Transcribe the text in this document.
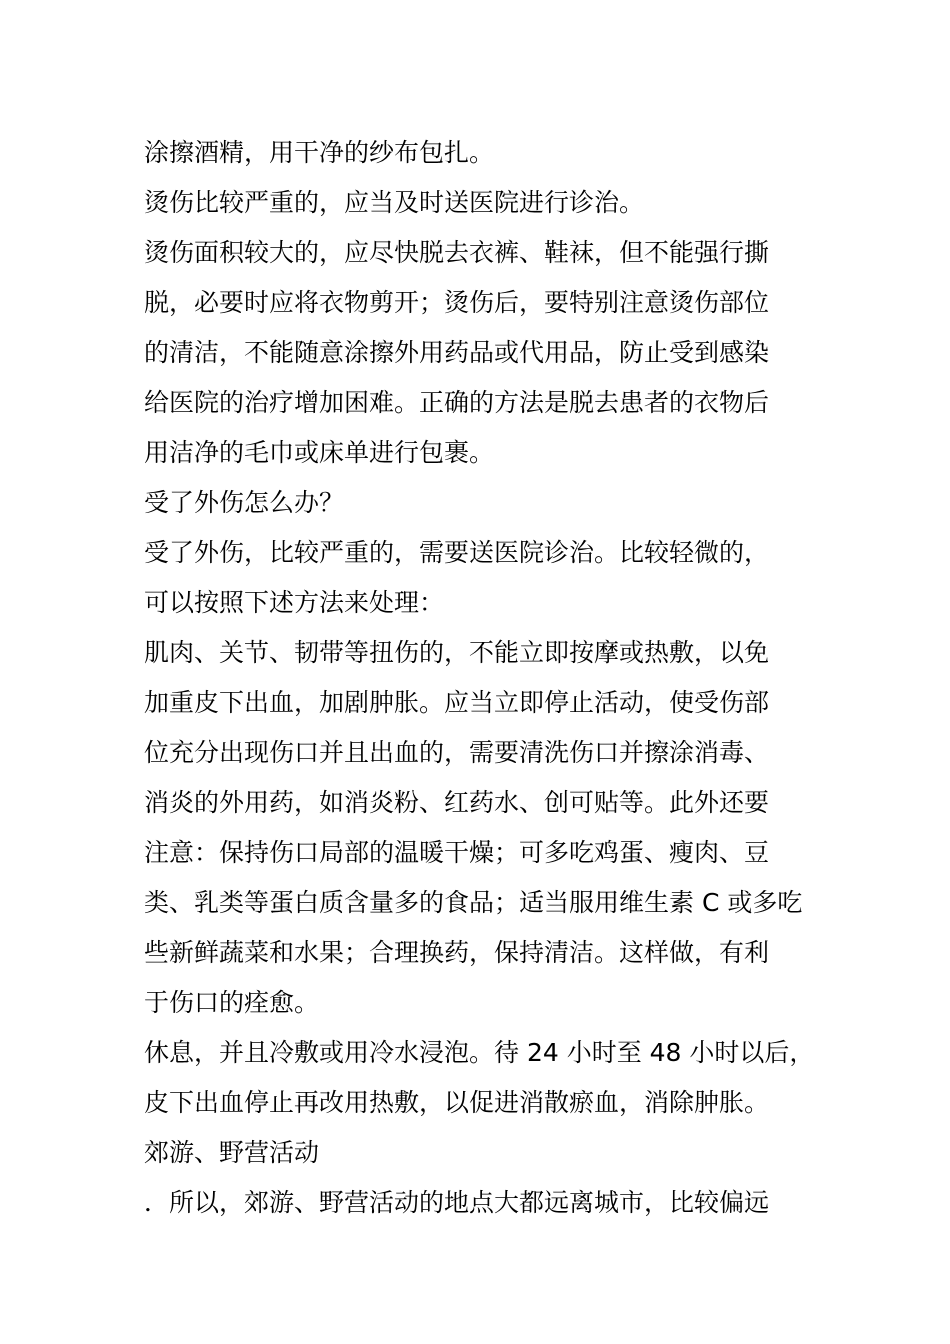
涂擦酒精，用干净的纱布包扎。
烫伤比较严重的，应当及时送医院进行诊治。
烫伤面积较大的，应尽快脱去衣裤、鞋袜，但不能强行撕
脱，必要时应将衣物剪开；烫伤后，要特别注意烫伤部位
的清洁，不能随意涂擦外用药品或代用品，防止受到感染
给医院的治疗增加困难。正确的方法是脱去患者的衣物后
用洁净的毛巾或床单进行包裹。
受了外伤怎么办？
受了外伤，比较严重的，需要送医院诊治。比较轻微的，
可以按照下述方法来处理：
肌肉、关节、韧带等扭伤的，不能立即按摩或热敷，以免
加重皮下出血，加剧肿胀。应当立即停止活动，使受伤部
位充分出现伤口并且出血的，需要清洗伤口并擦涂消毒、
消炎的外用药，如消炎粉、红药水、创可贴等。此外还要
注意：保持伤口局部的温暖干燥；可多吃鸡蛋、瘦肉、豆
类、乳类等蛋白质含量多的食品；适当服用维生素 C 或多吃
些新鲜蔬菜和水果；合理换药，保持清洁。这样做，有利
于伤口的痊愈。
休息，并且冷敷或用冷水浸泡。待 24 小时至 48 小时以后，
皮下出血停止再改用热敷，以促进消散瘀血，消除肿胀。
郊游、野营活动
．所以，郊游、野营活动的地点大都远离城市，比较偏远
